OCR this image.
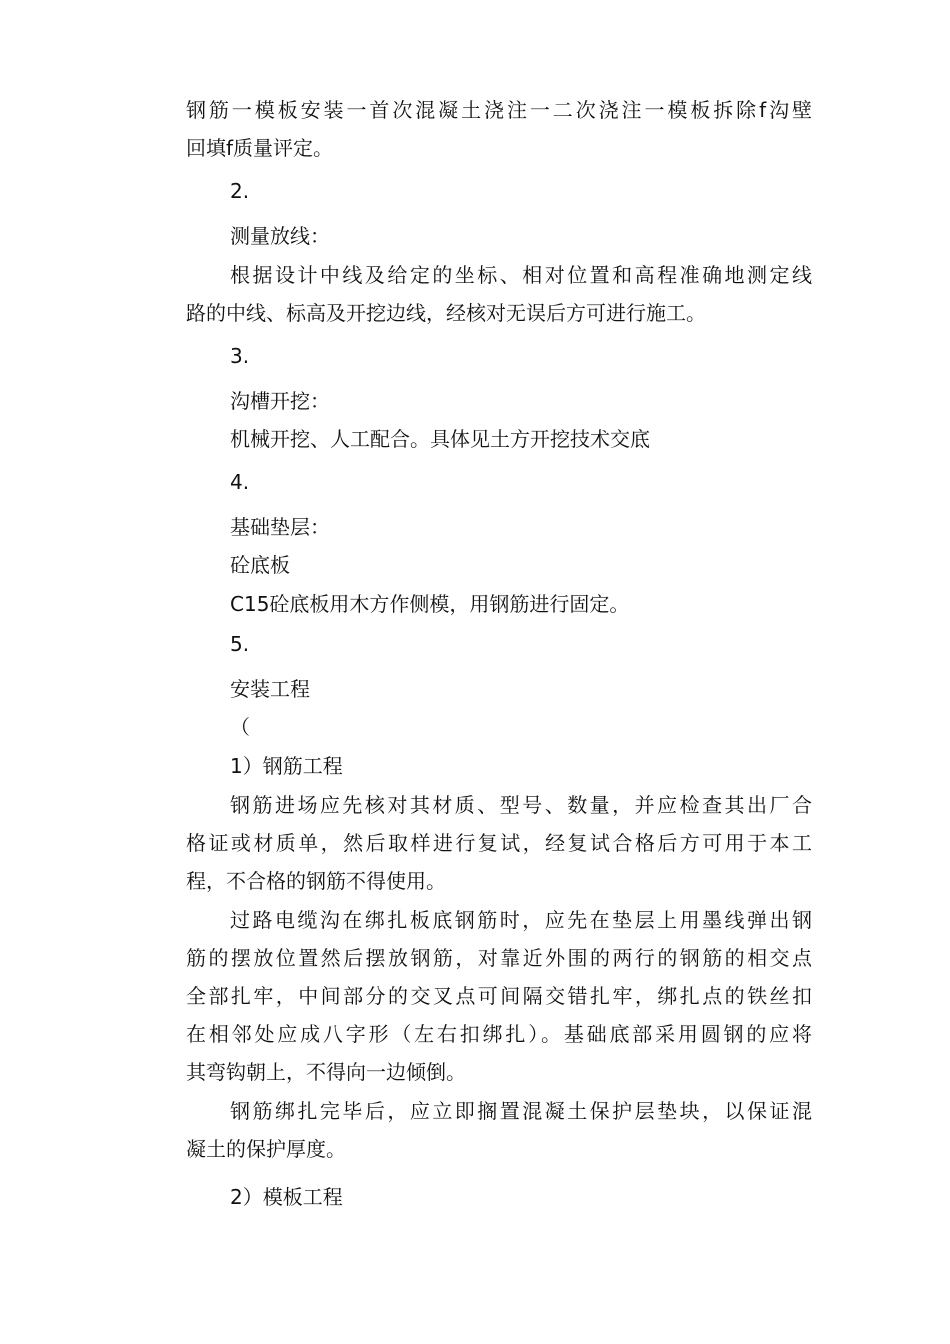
钢筋一模板安装一首次混凝土浇注一二次浇注一模板拆除f沟壁
回填f质量评定。
2.
测量放线：
根据设计中线及给定的坐标、相对位置和高程准确地测定线
路的中线、标高及开挖边线，经核对无误后方可进行施工。
3.
沟槽开挖：
机械开挖、人工配合。具体见土方开挖技术交底
4.
基础垫层：
砼底板
C15砼底板用木方作侧模，用钢筋进行固定。
5.
安装工程
（
1）钢筋工程
钢筋进场应先核对其材质、型号、数量，并应检查其出厂合
格证或材质单，然后取样进行复试，经复试合格后方可用于本工
程，不合格的钢筋不得使用。
过路电缆沟在绑扎板底钢筋时，应先在垫层上用墨线弹出钢
筋的摆放位置然后摆放钢筋，对靠近外围的两行的钢筋的相交点
全部扎牢，中间部分的交叉点可间隔交错扎牢，绑扎点的铁丝扣
在相邻处应成八字形（左右扣绑扎）。基础底部采用圆钢的应将
其弯钩朝上，不得向一边倾倒。
钢筋绑扎完毕后，应立即搁置混凝土保护层垫块，以保证混
凝土的保护厚度。
2）模板工程
